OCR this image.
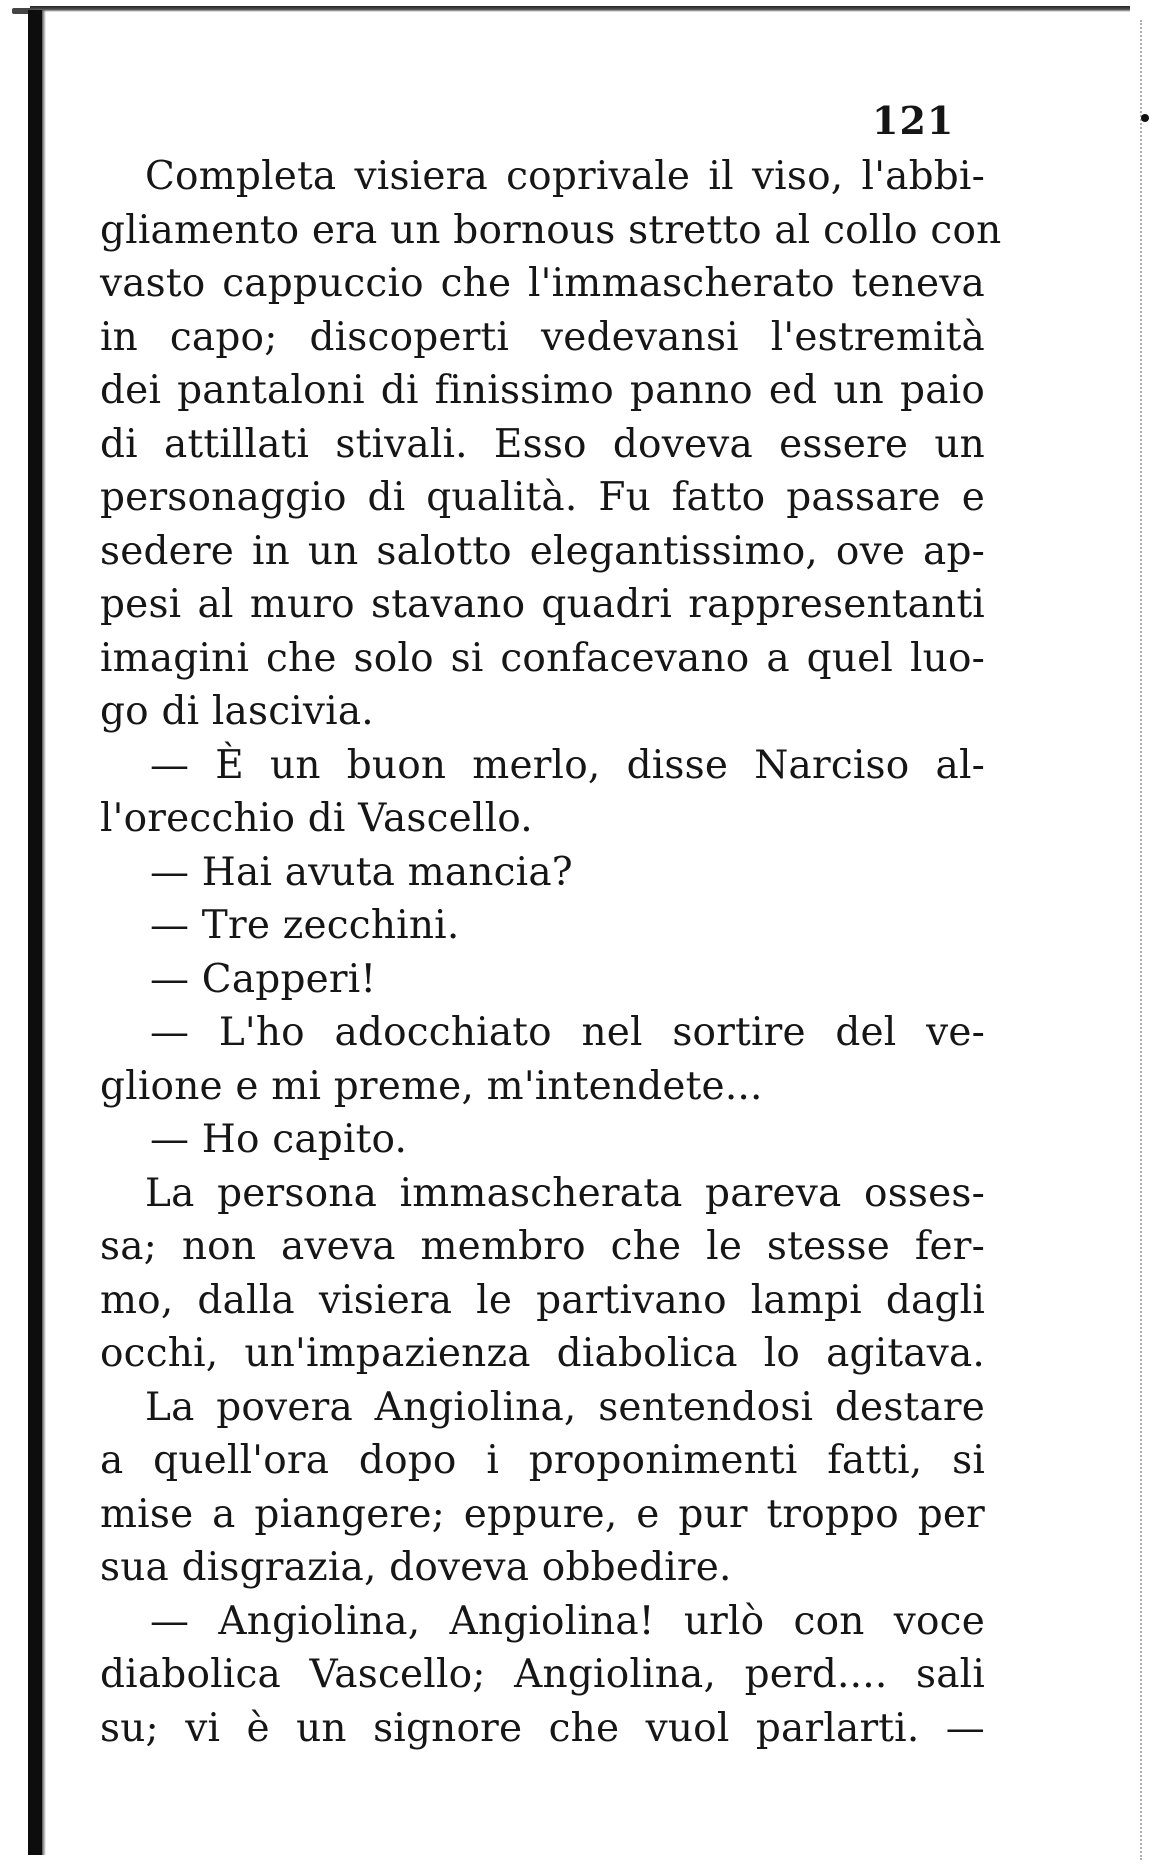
121
Completa visiera coprivale il viso, l'abbi-
gliamento era un bornous stretto al collo con
vasto cappuccio che l'immascherato teneva
in capo; discoperti vedevansi l'estremità
dei pantaloni di finissimo panno ed un paio
di attillati stivali. Esso doveva essere un
personaggio di qualità. Fu fatto passare e
sedere in un salotto elegantissimo, ove ap-
pesi al muro stavano quadri rappresentanti
imagini che solo si confacevano a quel luo-
go di lascivia.
— È un buon merlo, disse Narciso al-
l'orecchio di Vascello.
— Hai avuta mancia?
— Tre zecchini.
— Capperi!
— L'ho adocchiato nel sortire del ve-
glione e mi preme, m'intendete...
— Ho capito.
La persona immascherata pareva osses-
sa; non aveva membro che le stesse fer-
mo, dalla visiera le partivano lampi dagli
occhi, un'impazienza diabolica lo agitava.
La povera Angiolina, sentendosi destare
a quell'ora dopo i proponimenti fatti, si
mise a piangere; eppure, e pur troppo per
sua disgrazia, doveva obbedire.
— Angiolina, Angiolina! urlò con voce
diabolica Vascello; Angiolina, perd.... sali
su; vi è un signore che vuol parlarti. —
